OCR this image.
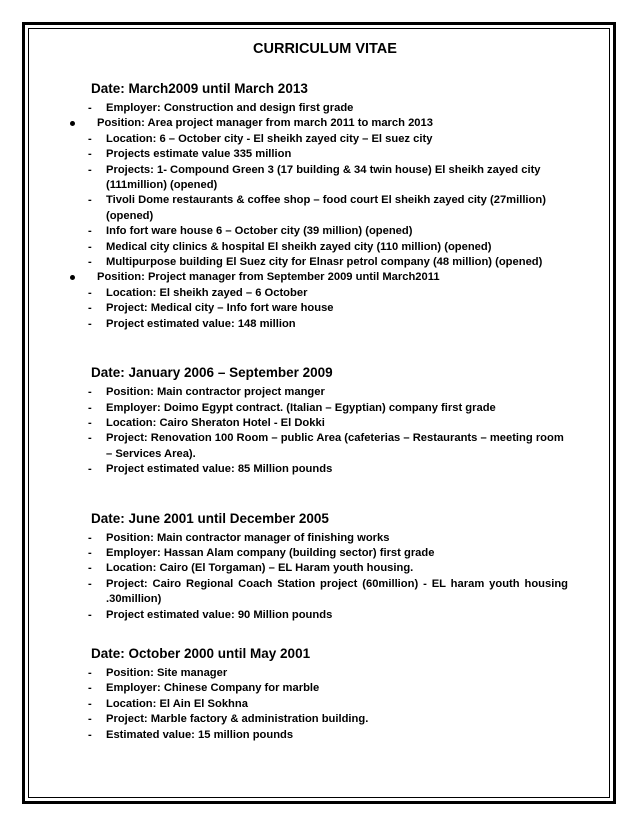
CURRICULUM VITAE
Date: March2009 until March 2013
-	Employer: Construction and design first grade
Position: Area project manager from march 2011 to march 2013
-	Location: 6 – October city - El sheikh zayed city – El suez city
-	Projects estimate value 335 million
-	Projects: 1- Compound Green 3 (17 building & 34 twin house) El sheikh zayed city (111million) (opened)
-	Tivoli Dome restaurants & coffee shop – food court El sheikh zayed city (27million) (opened)
-	Info fort ware house 6 – October city (39 million) (opened)
-	Medical city clinics & hospital El sheikh zayed city (110 million) (opened)
-	Multipurpose building El Suez city for Elnasr petrol company (48 million) (opened)
Position: Project manager from September 2009 until March2011
-	Location: El sheikh zayed – 6 October
-	Project: Medical city – Info fort ware house
-	Project estimated value: 148 million
Date: January 2006 – September 2009
-	Position: Main contractor project manger
-	Employer: Doimo Egypt contract. (Italian – Egyptian) company first grade
-	Location: Cairo Sheraton Hotel - El Dokki
-	Project: Renovation 100 Room – public Area (cafeterias – Restaurants – meeting room – Services Area).
-	Project estimated value: 85 Million pounds
Date: June 2001 until December 2005
-	Position: Main contractor manager of finishing works
-	Employer: Hassan Alam company (building sector) first grade
-	Location: Cairo (El Torgaman) – EL Haram youth housing.
-	Project: Cairo Regional Coach Station project (60million) - EL haram youth housing .30million)
-	Project estimated value: 90 Million pounds
Date: October 2000 until May 2001
-	Position: Site manager
-	Employer: Chinese Company for marble
-	Location: El Ain El Sokhna
-	Project: Marble factory & administration building.
-	Estimated value: 15 million pounds
